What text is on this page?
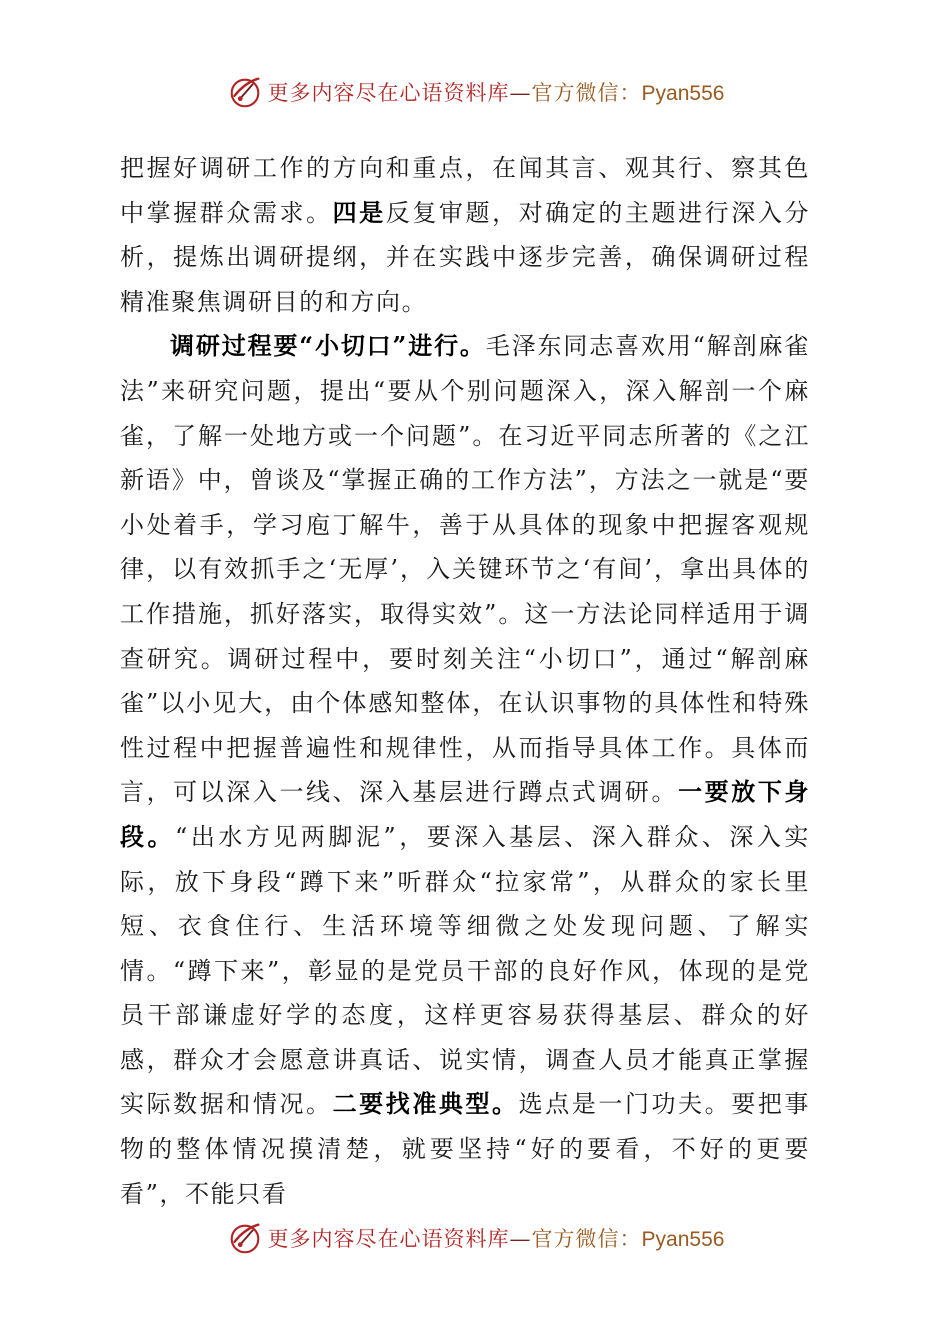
更多内容尽在心语资料库—官方微信：Pyan556

把握好调研工作的方向和重点，在闻其言、观其行、察其色中掌握群众需求。四是反复审题，对确定的主题进行深入分析，提炼出调研提纲，并在实践中逐步完善，确保调研过程精准聚焦调研目的和方向。

调研过程要“小切口”进行。毛泽东同志喜欢用“解剖麻雀法”来研究问题，提出“要从个别问题深入，深入解剖一个麻雀，了解一处地方或一个问题”。在习近平同志所著的《之江新语》中，曾谈及“掌握正确的工作方法”，方法之一就是“要小处着手，学习庖丁解牛，善于从具体的现象中把握客观规律，以有效抓手之‘无厚’，入关键环节之‘有间’，拿出具体的工作措施，抓好落实，取得实效”。这一方法论同样适用于调查研究。调研过程中，要时刻关注“小切口”，通过“解剖麻雀”以小见大，由个体感知整体，在认识事物的具体性和特殊性过程中把握普遍性和规律性，从而指导具体工作。具体而言，可以深入一线、深入基层进行蹲点式调研。一要放下身段。“出水方见两脚泥”，要深入基层、深入群众、深入实际，放下身段“蹲下来”听群众“拉家常”，从群众的家长里短、衣食住行、生活环境等细微之处发现问题、了解实情。“蹲下来”，彰显的是党员干部的良好作风，体现的是党员干部谦虚好学的态度，这样更容易获得基层、群众的好感，群众才会愿意讲真话、说实情，调查人员才能真正掌握实际数据和情况。二要找准典型。选点是一门功夫。要把事物的整体情况摸清楚，就要坚持“好的要看，不好的更要看”，不能只看

更多内容尽在心语资料库—官方微信：Pyan556
